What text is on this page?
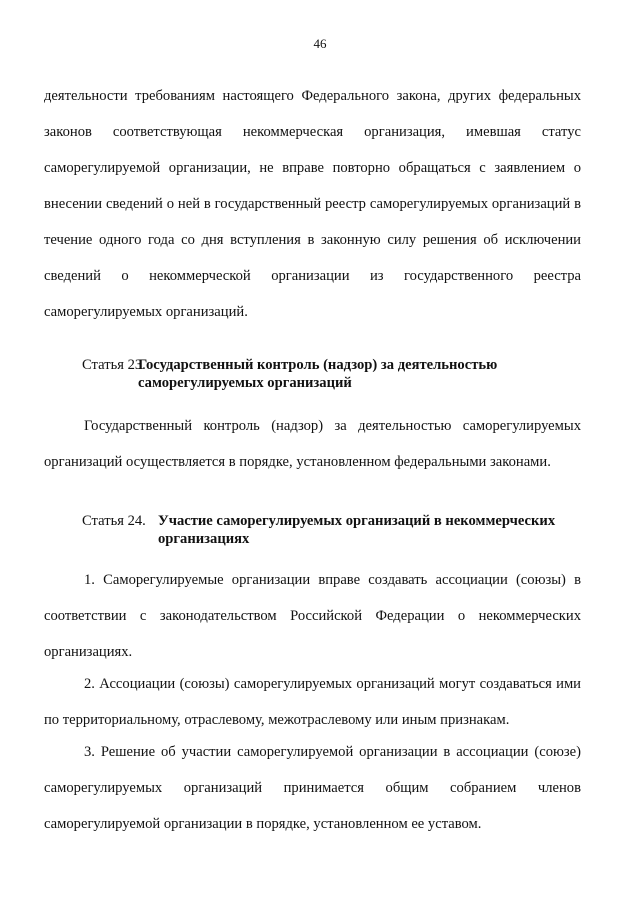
46

деятельности требованиям настоящего Федерального закона, других федеральных законов соответствующая некоммерческая организация, имевшая статус саморегулируемой организации, не вправе повторно обращаться с заявлением о внесении сведений о ней в государственный реестр саморегулируемых организаций в течение одного года со дня вступления в законную силу решения об исключении сведений о некоммерческой организации из государственного реестра саморегулируемых организаций.

Статья 23.

Государственный контроль (надзор) за деятельностью саморегулируемых организаций

Государственный контроль (надзор) за деятельностью саморегулируемых организаций осуществляется в порядке, установленном федеральными законами.

Статья 24. Участие саморегулируемых организаций в некоммерческих организациях

1. Саморегулируемые организации вправе создавать ассоциации (союзы) в соответствии с законодательством Российской Федерации о некоммерческих организациях.

2. Ассоциации (союзы) саморегулируемых организаций могут создаваться ими по территориальному, отраслевому, межотраслевому или иным признакам.

3. Решение об участии саморегулируемой организации в ассоциации (союзе) саморегулируемых организаций принимается общим собранием членов саморегулируемой организации в порядке, установленном ее уставом.
